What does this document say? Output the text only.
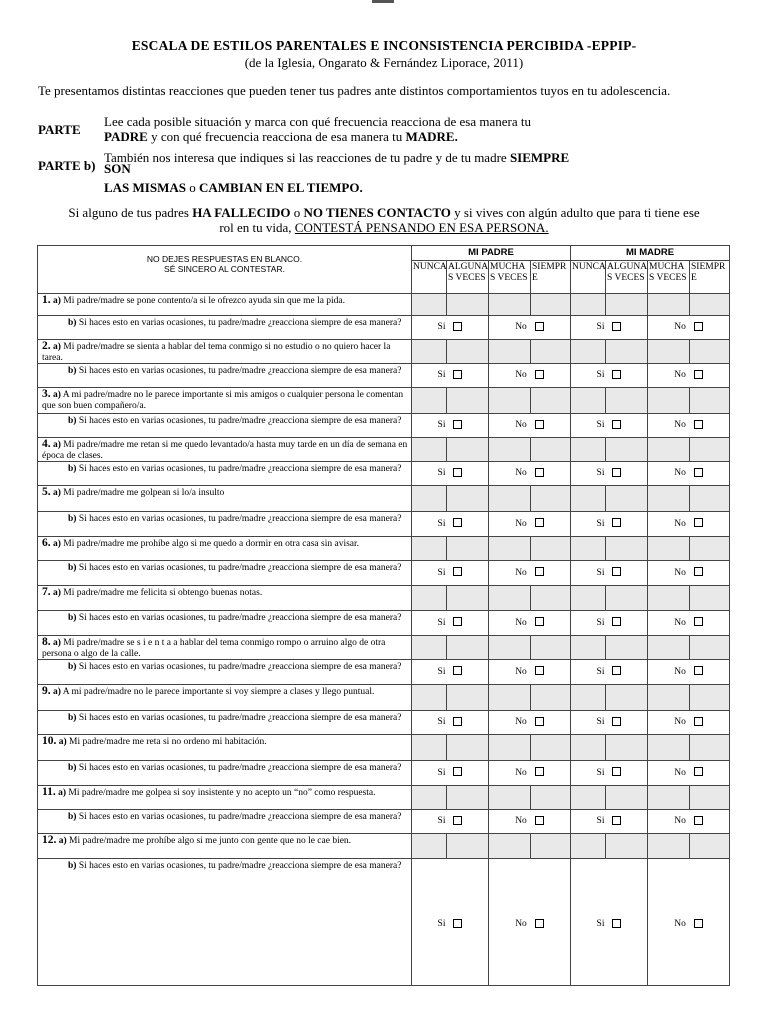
ESCALA DE ESTILOS PARENTALES E INCONSISTENCIA PERCIBIDA -EPPIP-
(de la Iglesia, Ongarato & Fernández Liporace, 2011)
Te presentamos distintas reacciones que pueden tener tus padres ante distintos comportamientos tuyos en tu adolescencia.
PARTE
Lee cada posible situación y marca con qué frecuencia reacciona de esa manera tu
PADRE y con qué frecuencia reacciona de esa manera tu MADRE.
PARTE b)
También nos interesa que indiques si las reacciones de tu padre y de tu madre SIEMPRE
SON
LAS MISMAS o CAMBIAN EN EL TIEMPO.
Si alguno de tus padres HA FALLECIDO o NO TIENES CONTACTO y si vives con algún adulto que para ti tiene ese
rol en tu vida, CONTESTÁ PENSANDO EN ESA PERSONA.
NO DEJES RESPUESTAS EN BLANCO.
SÉ SINCERO AL CONTESTAR.	MI PADRE				MI MADRE			
	NUNCA	ALGUNA S VECES	MUCHA S VECES	SIEMPR E	NUNCA	ALGUNA S VECES	MUCHA S VECES	SIEMPR E
1. a) Mi padre/madre se pone contento/a si le ofrezco ayuda sin que me la pida.								
b) Si haces esto en varias ocasiones, tu padre/madre ¿reacciona siempre de esa manera?	Si		No		Si		No	
2. a) Mi padre/madre se sienta a hablar del tema conmigo si no estudio o no quiero hacer la tarea.								
b) Si haces esto en varias ocasiones, tu padre/madre ¿reacciona siempre de esa manera?	Si		No		Si		No	
3. a) A mi padre/madre no le parece importante si mis amigos o cualquier persona le comentan que son buen compañero/a.								
b) Si haces esto en varias ocasiones, tu padre/madre ¿reacciona siempre de esa manera?	Si		No		Si		No	
4. a) Mi padre/madre me retan si me quedo levantado/a hasta muy tarde en un día de semana en época de clases.								
b) Si haces esto en varias ocasiones, tu padre/madre ¿reacciona siempre de esa manera?	Si		No		Si		No	
5. a) Mi padre/madre me golpean si lo/a insulto								
b) Si haces esto en varias ocasiones, tu padre/madre ¿reacciona siempre de esa manera?	Si		No		Si		No	
6. a) Mi padre/madre me prohíbe algo si me quedo a dormir en otra casa sin avisar.								
b) Si haces esto en varias ocasiones, tu padre/madre ¿reacciona siempre de esa manera?	Si		No		Si		No	
7. a) Mi padre/madre me felicita si obtengo buenas notas.								
b) Si haces esto en varias ocasiones, tu padre/madre ¿reacciona siempre de esa manera?	Si		No		Si		No	
8. a) Mi padre/madre se s i e n t a a hablar del tema conmigo rompo o arruino algo de otra persona o algo de la calle.								
b) Si haces esto en varias ocasiones, tu padre/madre ¿reacciona siempre de esa manera?	Si		No		Si		No	
9. a) A mi padre/madre no le parece importante si voy siempre a clases y llego puntual.								
b) Si haces esto en varias ocasiones, tu padre/madre ¿reacciona siempre de esa manera?	Si		No		Si		No	
10. a) Mi padre/madre me reta si no ordeno mi habitación.								
b) Si haces esto en varias ocasiones, tu padre/madre ¿reacciona siempre de esa manera?	Si		No		Si		No	
11. a) Mi padre/madre me golpea si soy insistente y no acepto un “no” como respuesta.								
b) Si haces esto en varias ocasiones, tu padre/madre ¿reacciona siempre de esa manera?	Si		No		Si		No	
12. a) Mi padre/madre me prohíbe algo si me junto con gente que no le cae bien.								
b) Si haces esto en varias ocasiones, tu padre/madre ¿reacciona siempre de esa manera?	Si		No		Si		No	
